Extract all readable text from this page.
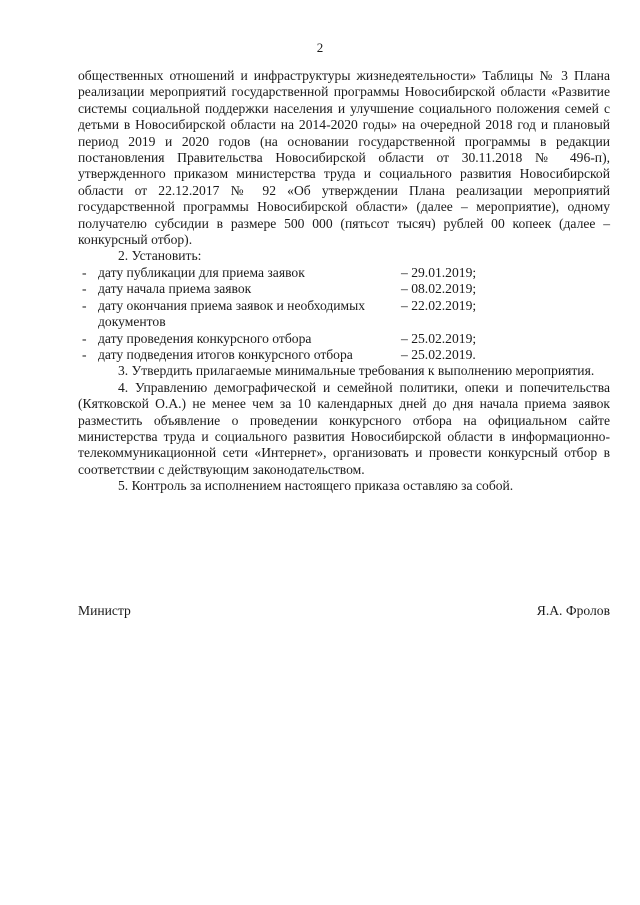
2

общественных отношений и инфраструктуры жизнедеятельности» Таблицы № 3 Плана реализации мероприятий государственной программы Новосибирской области «Развитие системы социальной поддержки населения и улучшение социального положения семей с детьми в Новосибирской области на 2014-2020 годы» на очередной 2018 год и плановый период 2019 и 2020 годов (на основании государственной программы в редакции постановления Правительства Новосибирской области от 30.11.2018 № 496-п), утвержденного приказом министерства труда и социального развития Новосибирской области от 22.12.2017 № 92 «Об утверждении Плана реализации мероприятий государственной программы Новосибирской области» (далее – мероприятие), одному получателю субсидии в размере 500 000 (пятьсот тысяч) рублей 00 копеек (далее – конкурсный отбор).

2. Установить:

- дату публикации для приема заявок	– 29.01.2019;
- дату начала приема заявок	– 08.02.2019;
- дату окончания приема заявок и необходимых документов
– 22.02.2019;
- дату проведения конкурсного отбора	– 25.02.2019;
- дату подведения итогов конкурсного отбора	– 25.02.2019.

3. Утвердить прилагаемые минимальные требования к выполнению мероприятия.

4. Управлению демографической и семейной политики, опеки и попечительства (Кятковской О.А.) не менее чем за 10 календарных дней до дня начала приема заявок разместить объявление о проведении конкурсного отбора на официальном сайте министерства труда и социального развития Новосибирской области в информационно-телекоммуникационной сети «Интернет», организовать и провести конкурсный отбор в соответствии с действующим законодательством.

5. Контроль за исполнением настоящего приказа оставляю за собой.

Министр	Я.А. Фролов
